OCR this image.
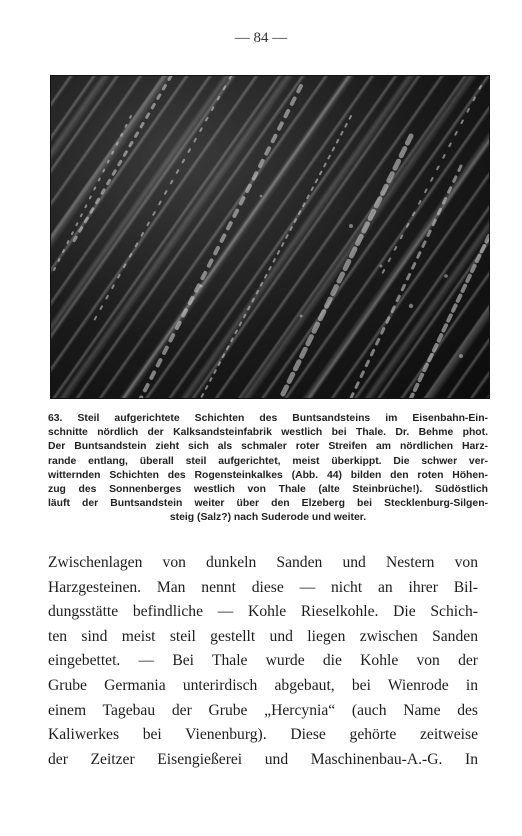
— 84 —
63. Steil aufgerichtete Schichten des Buntsandsteins im Eisenbahn-Ein-
schnitte nördlich der Kalksandsteinfabrik westlich bei Thale. Dr. Behme phot.
Der Buntsandstein zieht sich als schmaler roter Streifen am nördlichen Harz-
rande entlang, überall steil aufgerichtet, meist überkippt. Die schwer ver-
witternden Schichten des Rogensteinkalkes (Abb. 44) bilden den roten Höhen-
zug des Sonnenberges westlich von Thale (alte Steinbrüche!). Südöstlich
läuft der Buntsandstein weiter über den Elzeberg bei Stecklenburg-Silgen-
steig (Salz?) nach Suderode und weiter.
Zwischenlagen von dunkeln Sanden und Nestern von
Harzgesteinen. Man nennt diese — nicht an ihrer Bil-
dungsstätte befindliche — Kohle Rieselkohle. Die Schich-
ten sind meist steil gestellt und liegen zwischen Sanden
eingebettet. — Bei Thale wurde die Kohle von der
Grube Germania unterirdisch abgebaut, bei Wienrode in
einem Tagebau der Grube „Hercynia“ (auch Name des
Kaliwerkes bei Vienenburg). Diese gehörte zeitweise
der Zeitzer Eisengießerei und Maschinenbau-A.-G. In
